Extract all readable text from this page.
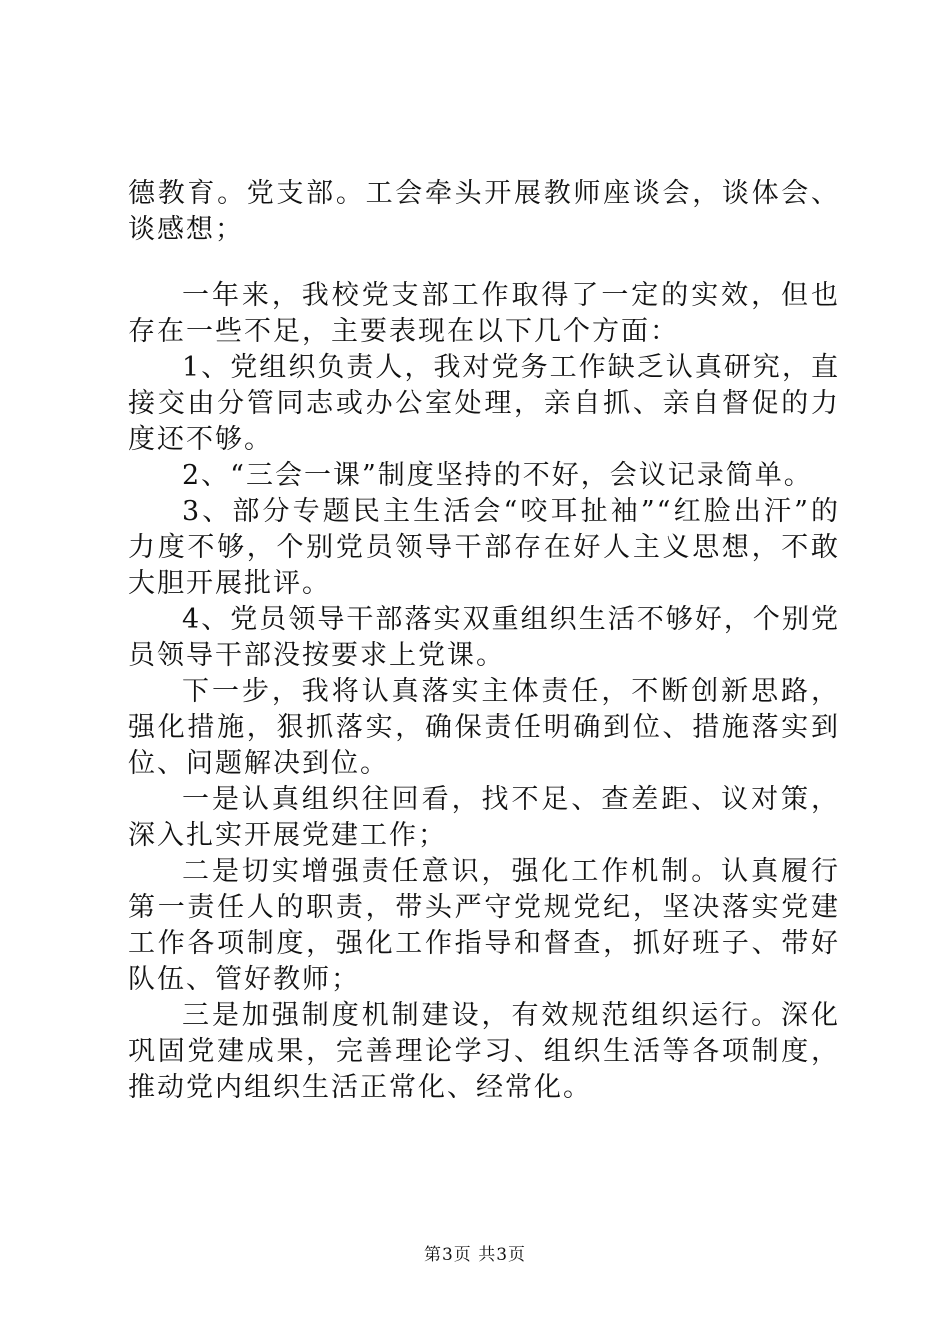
德教育。党支部。工会牵头开展教师座谈会，谈体会、谈感想；

一年来，我校党支部工作取得了一定的实效，但也存在一些不足，主要表现在以下几个方面：

1、党组织负责人，我对党务工作缺乏认真研究，直接交由分管同志或办公室处理，亲自抓、亲自督促的力度还不够。

2、“三会一课”制度坚持的不好，会议记录简单。

3、部分专题民主生活会“咬耳扯袖”“红脸出汗”的力度不够，个别党员领导干部存在好人主义思想，不敢大胆开展批评。

4、党员领导干部落实双重组织生活不够好，个别党员领导干部没按要求上党课。

下一步，我将认真落实主体责任，不断创新思路，强化措施，狠抓落实，确保责任明确到位、措施落实到位、问题解决到位。

一是认真组织往回看，找不足、查差距、议对策，深入扎实开展党建工作；

二是切实增强责任意识，强化工作机制。认真履行第一责任人的职责，带头严守党规党纪，坚决落实党建工作各项制度，强化工作指导和督查，抓好班子、带好队伍、管好教师；

三是加强制度机制建设，有效规范组织运行。深化巩固党建成果，完善理论学习、组织生活等各项制度，推动党内组织生活正常化、经常化。

第3页 共3页
